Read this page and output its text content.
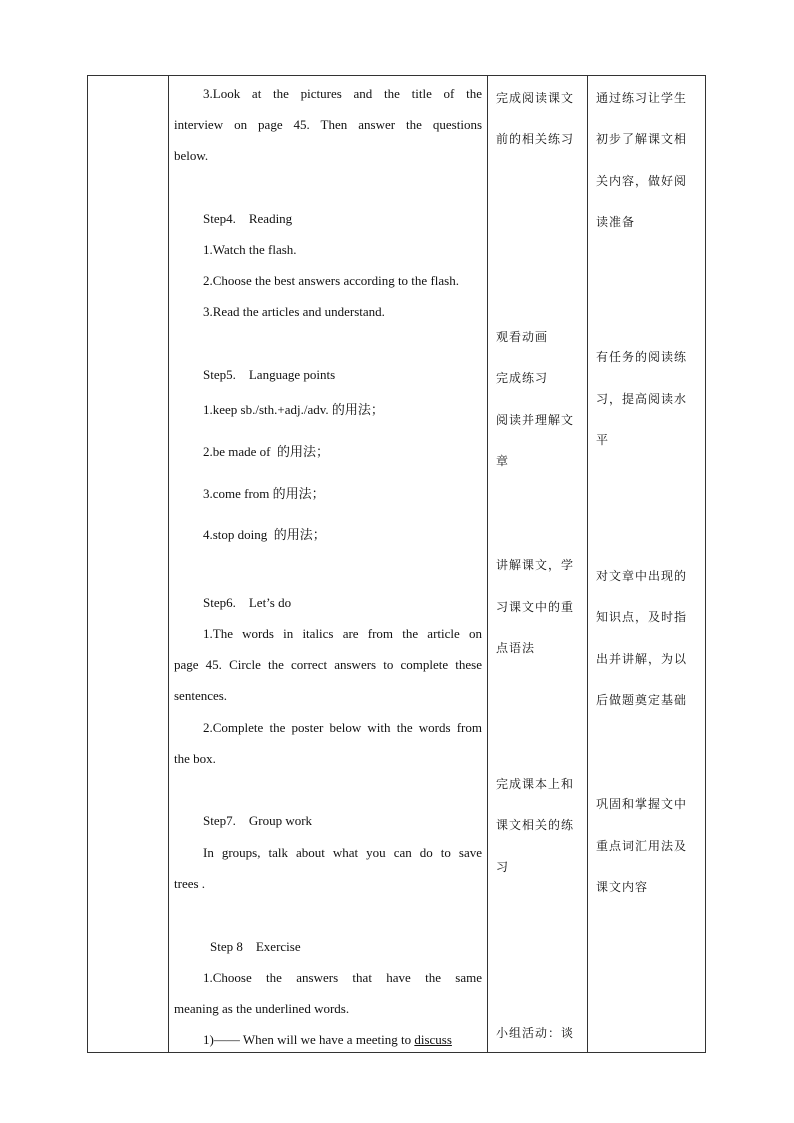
3.Look at the pictures and the title of the

interview on page 45. Then answer the questions

below.

Step4.    Reading

1.Watch the flash.

2.Choose the best answers according to the flash.

3.Read the articles and understand.

Step5.    Language points

1.keep sb./sth.+adj./adv. 的用法；

2.be made of  的用法；

3.come from 的用法；

4.stop doing  的用法；

Step6.    Let’s do

1.The words in italics are from the article on

page 45. Circle the correct answers to complete these

sentences.

2.Complete the poster below with the words from

the box.

Step7.    Group work

In groups, talk about what you can do to save

trees .

Step 8    Exercise

1.Choose the answers that have the same

meaning as the underlined words.

1)—— When will we have a meeting to discuss

完成阅读课文

前的相关练习

观看动画

完成练习

阅读并理解文

章

讲解课文，学

习课文中的重

点语法

完成课本上和

课文相关的练

习

小组活动：谈

通过练习让学生

初步了解课文相

关内容，做好阅

读准备

有任务的阅读练

习，提高阅读水

平

对文章中出现的

知识点，及时指

出并讲解，为以

后做题奠定基础

巩固和掌握文中

重点词汇用法及

课文内容
